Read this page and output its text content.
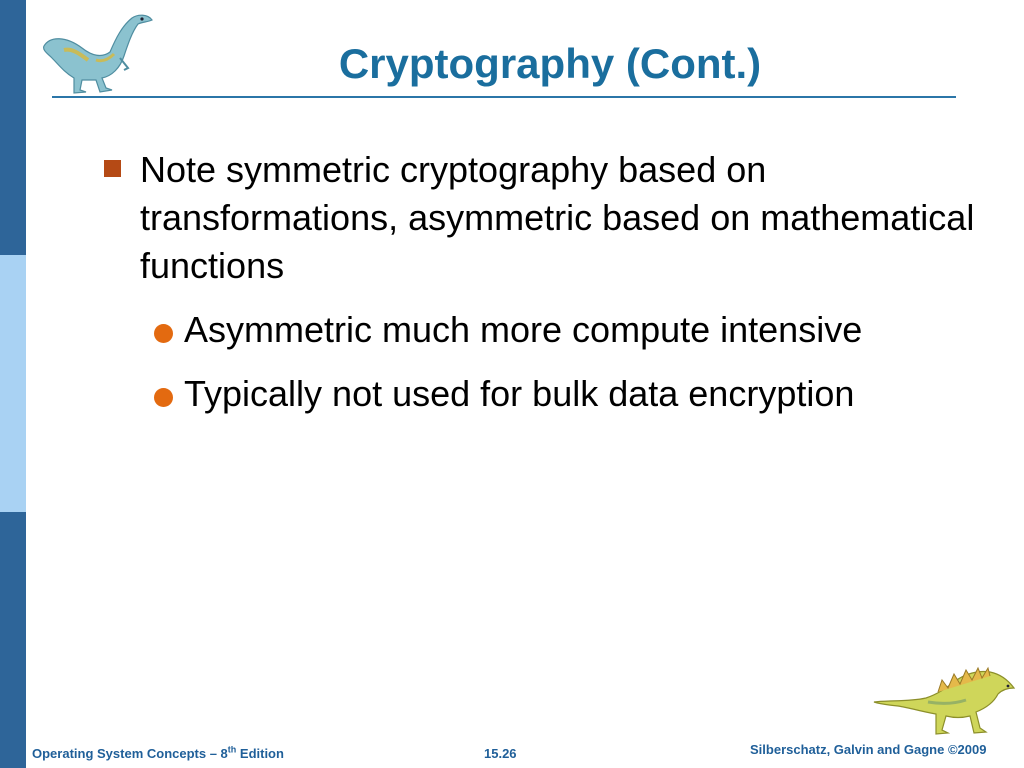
Cryptography (Cont.)
Note symmetric cryptography based on transformations, asymmetric based on mathematical functions
Asymmetric much more compute intensive
Typically not used for bulk data encryption
Operating System Concepts – 8th Edition	15.26	Silberschatz, Galvin and Gagne ©2009
